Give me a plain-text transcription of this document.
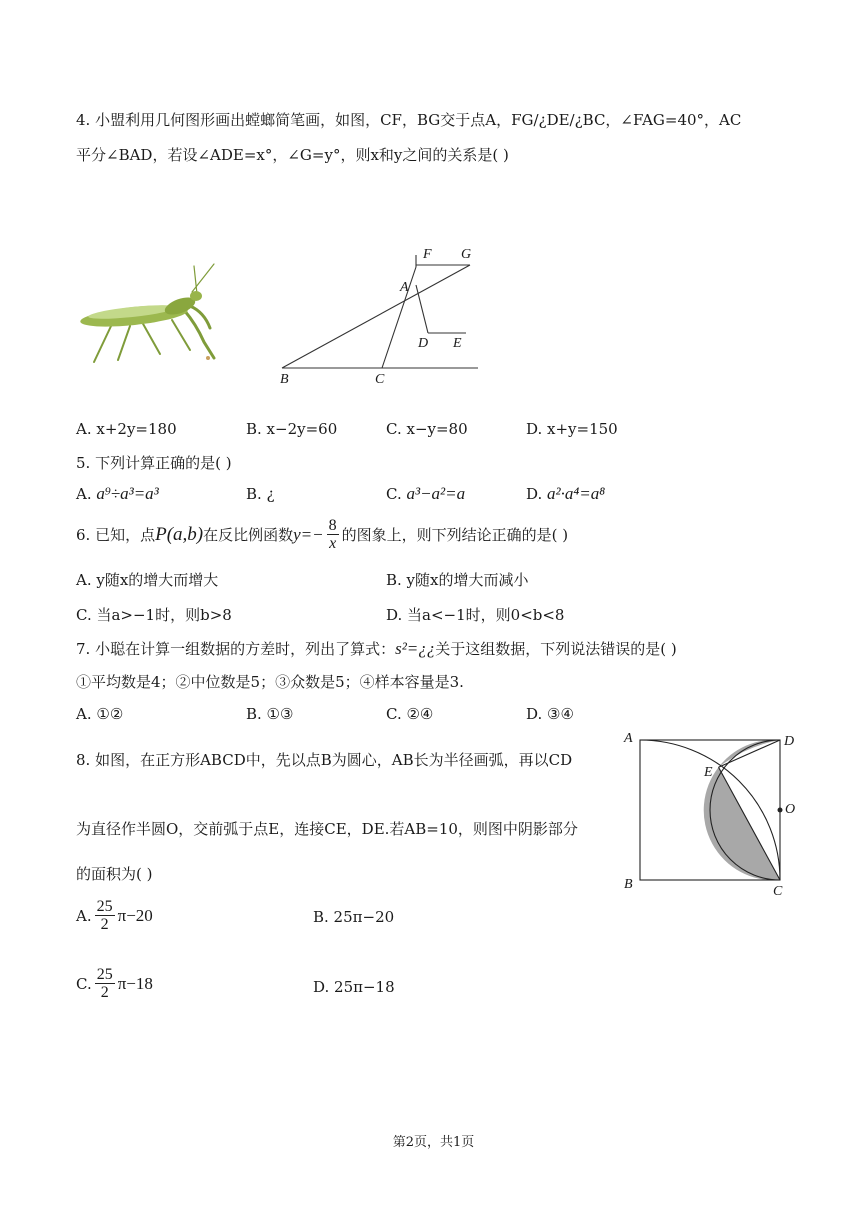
4. 小盟利用几何图形画出螳螂简笔画，如图，CF，BG交于点A，FG/¿DE/¿BC，∠FAG=40°，AC
平分∠BAD，若设∠ADE=x°，∠G=y°，则x和y之间的关系是( )
F G
A
D E
B	C
A. x+2y=180	B. x−2y=60	C. x−y=80	D. x+y=150
5. 下列计算正确的是( )
A. a⁹÷a³=a³	B. ¿	C. a³−a²=a	D. a²·a⁴=a⁸
6. 已知，点 P(a,b) 在反比例函数 $y=- \frac{8}{x}$ 的图象上，则下列结论正确的是( )
A. y随x的增大而增大	B. y随x的增大而减小
C. 当a>−1时，则b>8	D. 当a<−1时，则0<b<8
7. 小聪在计算一组数据的方差时，列出了算式：s²=¿¿关于这组数据，下列说法错误的是( )
①平均数是4；②中位数是5；③众数是5；④样本容量是3.
A. ①②	B. ①③	C. ②④	D. ③④
8. 如图，在正方形ABCD中，先以点B为圆心，AB长为半径画弧，再以CD
为直径作半圆O，交前弧于点E，连接CE，DE.若AB=10，则图中阴影部分
的面积为( )
A	D
E
O
B	C
A. $\frac{25}{2} \pi-20$	B. 25π−20
C. $\frac{25}{2} \pi-18$	D. 25π−18
第2页，共1页
